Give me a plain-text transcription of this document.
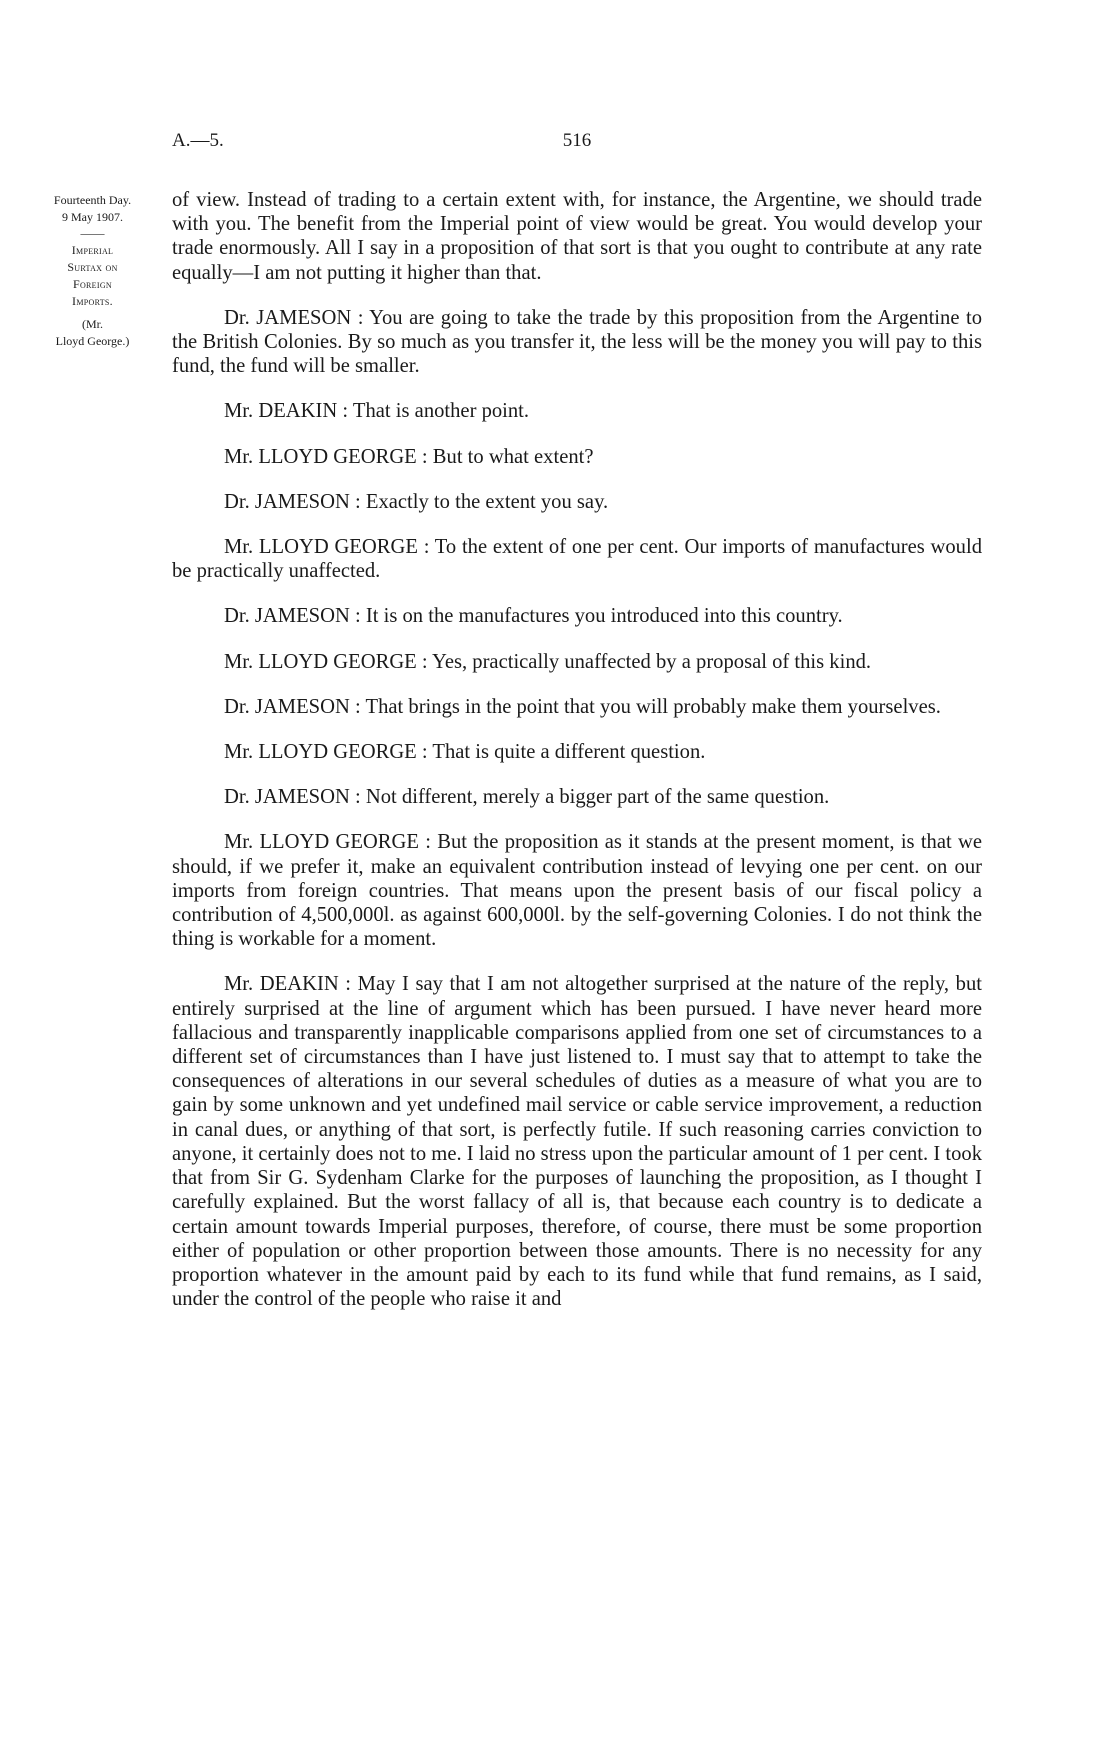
A.—5.	516
Fourteenth Day.
9 May 1907.
——
Imperial
Surtax on
Foreign
Imports.
(Mr.
Lloyd George.)

of view. Instead of trading to a certain extent with, for instance, the Argentine, we should trade with you. The benefit from the Imperial point of view would be great. You would develop your trade enormously. All I say in a proposition of that sort is that you ought to contribute at any rate equally—I am not putting it higher than that.

Dr. JAMESON : You are going to take the trade by this proposition from the Argentine to the British Colonies. By so much as you transfer it, the less will be the money you will pay to this fund, the fund will be smaller.

Mr. DEAKIN : That is another point.

Mr. LLOYD GEORGE : But to what extent?

Dr. JAMESON : Exactly to the extent you say.

Mr. LLOYD GEORGE : To the extent of one per cent. Our imports of manufactures would be practically unaffected.

Dr. JAMESON : It is on the manufactures you introduced into this country.

Mr. LLOYD GEORGE : Yes, practically unaffected by a proposal of this kind.

Dr. JAMESON : That brings in the point that you will probably make them yourselves.

Mr. LLOYD GEORGE : That is quite a different question.

Dr. JAMESON : Not different, merely a bigger part of the same question.

Mr. LLOYD GEORGE : But the proposition as it stands at the present moment, is that we should, if we prefer it, make an equivalent contribution instead of levying one per cent. on our imports from foreign countries. That means upon the present basis of our fiscal policy a contribution of 4,500,000l. as against 600,000l. by the self-governing Colonies. I do not think the thing is workable for a moment.

Mr. DEAKIN : May I say that I am not altogether surprised at the nature of the reply, but entirely surprised at the line of argument which has been pursued. I have never heard more fallacious and transparently inapplicable comparisons applied from one set of circumstances to a different set of circumstances than I have just listened to. I must say that to attempt to take the consequences of alterations in our several schedules of duties as a measure of what you are to gain by some unknown and yet undefined mail service or cable service improvement, a reduction in canal dues, or anything of that sort, is perfectly futile. If such reasoning carries conviction to anyone, it certainly does not to me. I laid no stress upon the particular amount of 1 per cent. I took that from Sir G. Sydenham Clarke for the purposes of launching the proposition, as I thought I carefully explained. But the worst fallacy of all is, that because each country is to dedicate a certain amount towards Imperial purposes, therefore, of course, there must be some proportion either of population or other proportion between those amounts. There is no necessity for any proportion whatever in the amount paid by each to its fund while that fund remains, as I said, under the control of the people who raise it and
